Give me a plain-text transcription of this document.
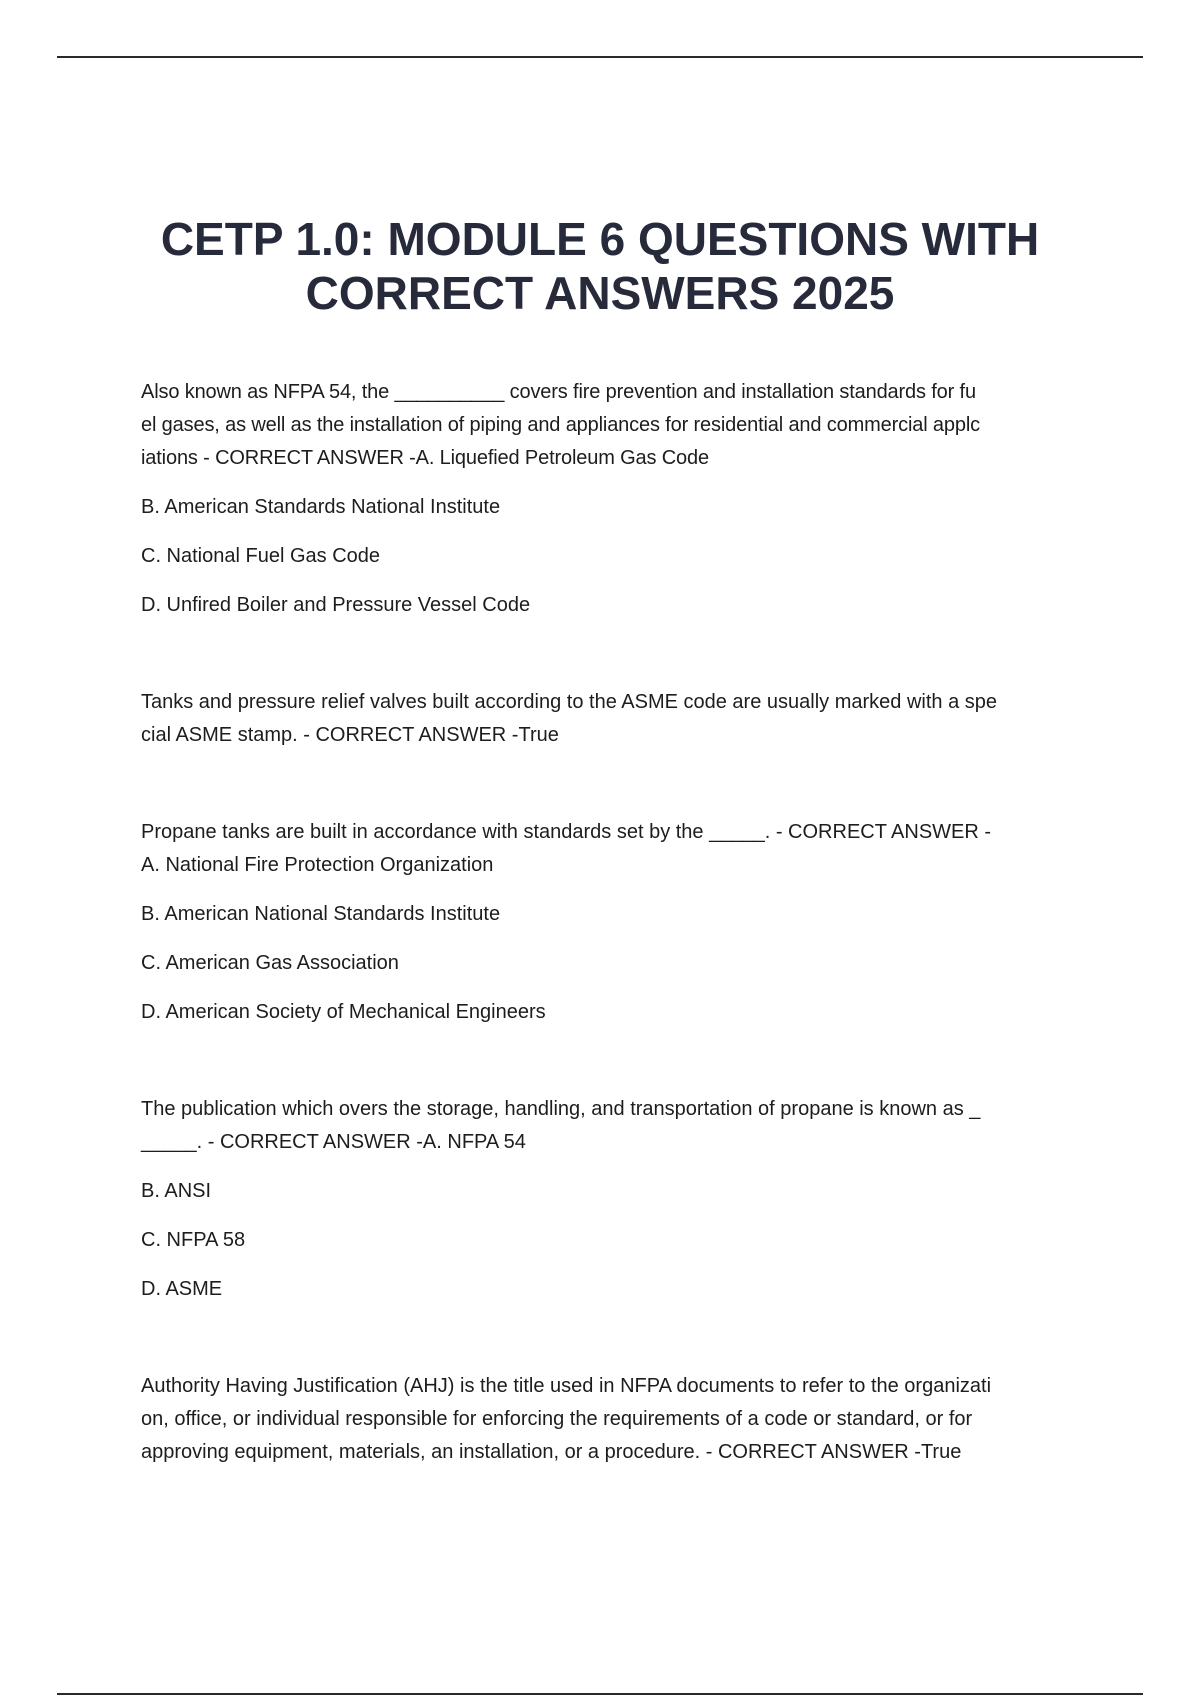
CETP 1.0: MODULE 6 QUESTIONS WITH
CORRECT ANSWERS 2025

Also known as NFPA 54, the __________ covers fire prevention and installation standards for fu
el gases, as well as the installation of piping and appliances for residential and commercial applc
iations - CORRECT ANSWER -A. Liquefied Petroleum Gas Code

B. American Standards National Institute

C. National Fuel Gas Code

D. Unfired Boiler and Pressure Vessel Code

Tanks and pressure relief valves built according to the ASME code are usually marked with a spe
cial ASME stamp. - CORRECT ANSWER -True

Propane tanks are built in accordance with standards set by the _____. - CORRECT ANSWER -
A. National Fire Protection Organization

B. American National Standards Institute

C. American Gas Association

D. American Society of Mechanical Engineers

The publication which overs the storage, handling, and transportation of propane is known as _
_____. - CORRECT ANSWER -A. NFPA 54

B. ANSI

C. NFPA 58

D. ASME

Authority Having Justification (AHJ) is the title used in NFPA documents to refer to the organizati
on, office, or individual responsible for enforcing the requirements of a code or standard, or for
approving equipment, materials, an installation, or a procedure. - CORRECT ANSWER -True
